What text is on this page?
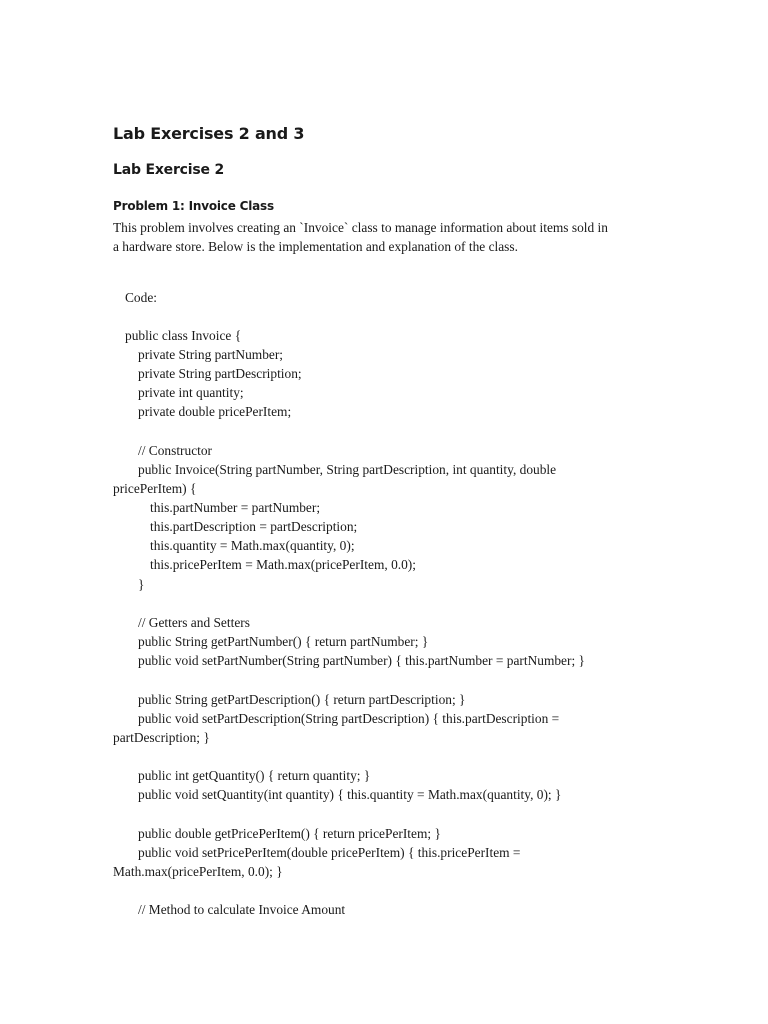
Lab Exercises 2 and 3
Lab Exercise 2
Problem 1: Invoice Class
This problem involves creating an `Invoice` class to manage information about items sold in
a hardware store. Below is the implementation and explanation of the class.
Code:
public class Invoice {
private String partNumber;
private String partDescription;
private int quantity;
private double pricePerItem;
// Constructor
public Invoice(String partNumber, String partDescription, int quantity, double
pricePerItem) {
this.partNumber = partNumber;
this.partDescription = partDescription;
this.quantity = Math.max(quantity, 0);
this.pricePerItem = Math.max(pricePerItem, 0.0);
}
// Getters and Setters
public String getPartNumber() { return partNumber; }
public void setPartNumber(String partNumber) { this.partNumber = partNumber; }
public String getPartDescription() { return partDescription; }
public void setPartDescription(String partDescription) { this.partDescription =
partDescription; }
public int getQuantity() { return quantity; }
public void setQuantity(int quantity) { this.quantity = Math.max(quantity, 0); }
public double getPricePerItem() { return pricePerItem; }
public void setPricePerItem(double pricePerItem) { this.pricePerItem =
Math.max(pricePerItem, 0.0); }
// Method to calculate Invoice Amount
